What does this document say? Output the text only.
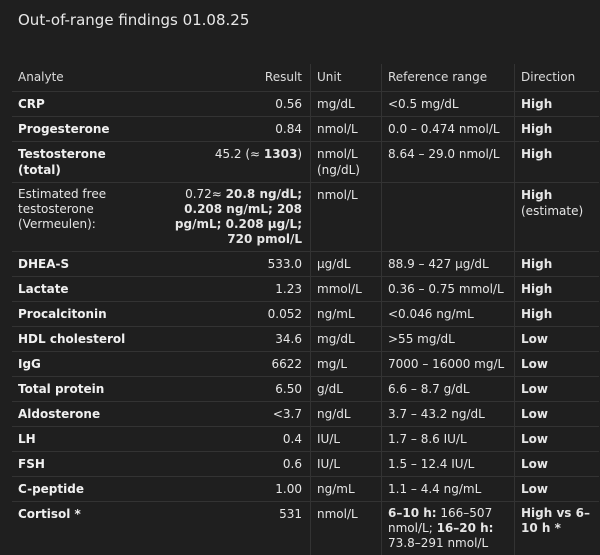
Out-of-range findings 01.08.25
Analyte	Result	Unit	Reference range	Direction
CRP	0.56	mg/dL	<0.5 mg/dL	High
Progesterone	0.84	nmol/L	0.0 – 0.474 nmol/L	High
Testosterone (total)	45.2 (≈ 1303)	nmol/L (ng/dL)	8.64 – 29.0 nmol/L	High
Estimated free testosterone (Vermeulen):	0.72≈ 20.8 ng/dL; 0.208 ng/mL; 208 pg/mL; 0.208 µg/L; 720 pmol/L	nmol/L		High
(estimate)
DHEA-S	533.0	µg/dL	88.9 – 427 µg/dL	High
Lactate	1.23	mmol/L	0.36 – 0.75 mmol/L	High
Procalcitonin	0.052	ng/mL	<0.046 ng/mL	High
HDL cholesterol	34.6	mg/dL	>55 mg/dL	Low
IgG	6622	mg/L	7000 – 16000 mg/L	Low
Total protein	6.50	g/dL	6.6 – 8.7 g/dL	Low
Aldosterone	<3.7	ng/dL	3.7 – 43.2 ng/dL	Low
LH	0.4	IU/L	1.7 – 8.6 IU/L	Low
FSH	0.6	IU/L	1.5 – 12.4 IU/L	Low
C-peptide	1.00	ng/mL	1.1 – 4.4 ng/mL	Low
Cortisol *	531	nmol/L	6–10 h: 166–507 nmol/L; 16–20 h: 73.8–291 nmol/L	High vs 6–10 h *
